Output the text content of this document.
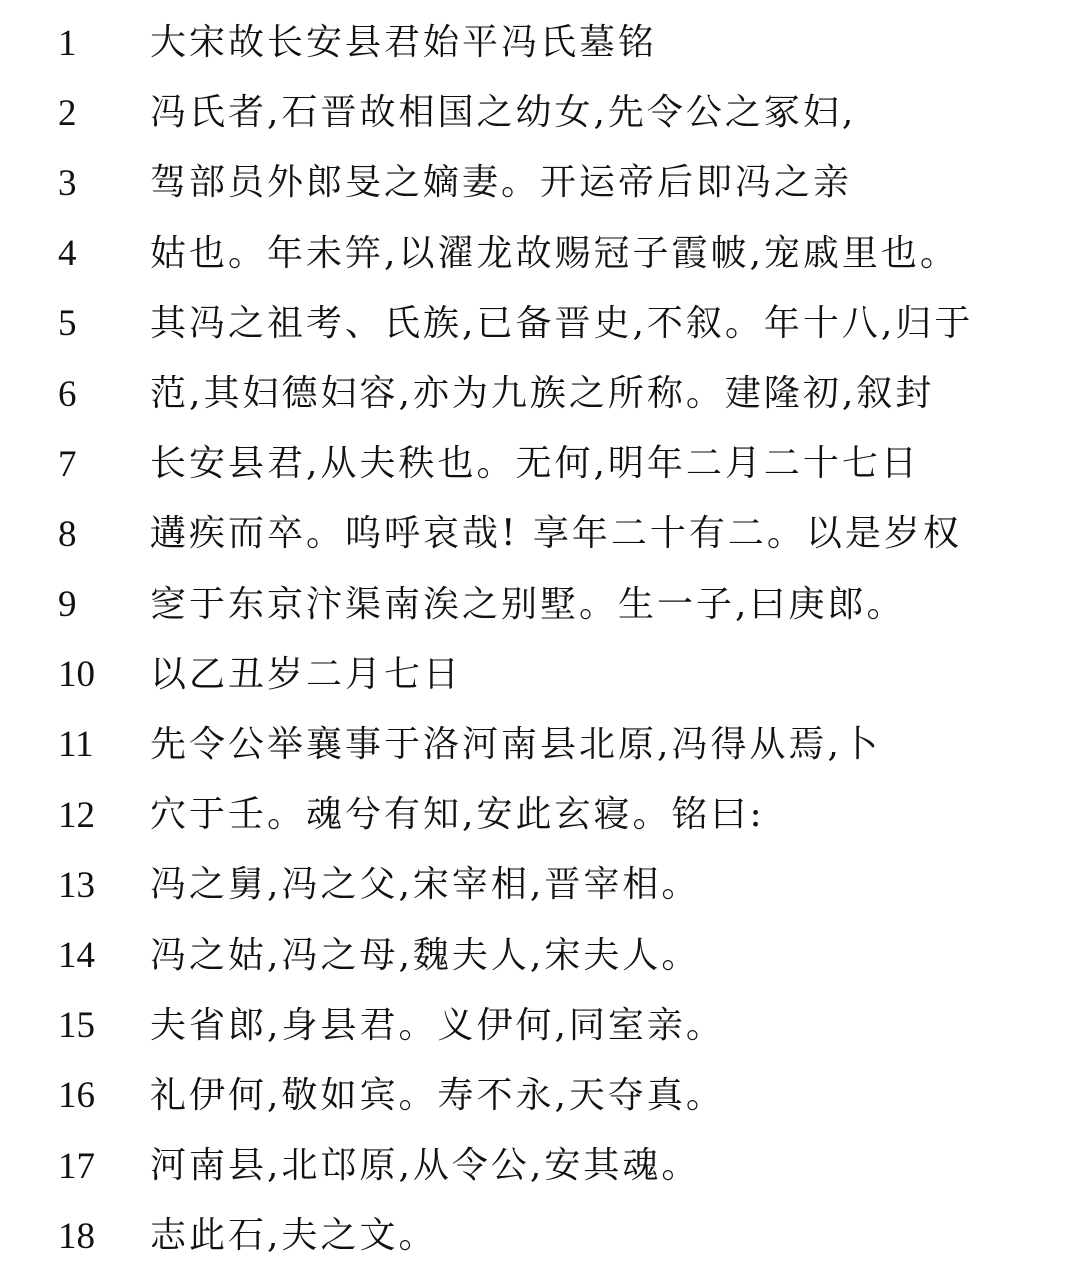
1	大宋故长安县君始平冯氏墓铭
2	冯氏者,石晋故相国之幼女,先令公之冢妇,
3	驾部员外郎旻之嫡妻。开运帝后即冯之亲
4	姑也。年未笄,以濯龙故赐冠子霞帔,宠戚里也。
5	其冯之祖考、氏族,已备晋史,不叙。年十八,归于
6	范,其妇德妇容,亦为九族之所称。建隆初,叙封
7	长安县君,从夫秩也。无何,明年二月二十七日
8	遘疾而卒。呜呼哀哉! 享年二十有二。以是岁权
9	窆于东京汴渠南涘之别墅。生一子,曰庚郎。
10	以乙丑岁二月七日
11	先令公举襄事于洛河南县北原,冯得从焉,卜
12	穴于壬。魂兮有知,安此玄寝。铭曰:
13	冯之舅,冯之父,宋宰相,晋宰相。
14	冯之姑,冯之母,魏夫人,宋夫人。
15	夫省郎,身县君。义伊何,同室亲。
16	礼伊何,敬如宾。寿不永,天夺真。
17	河南县,北邙原,从令公,安其魂。
18	志此石,夫之文。
